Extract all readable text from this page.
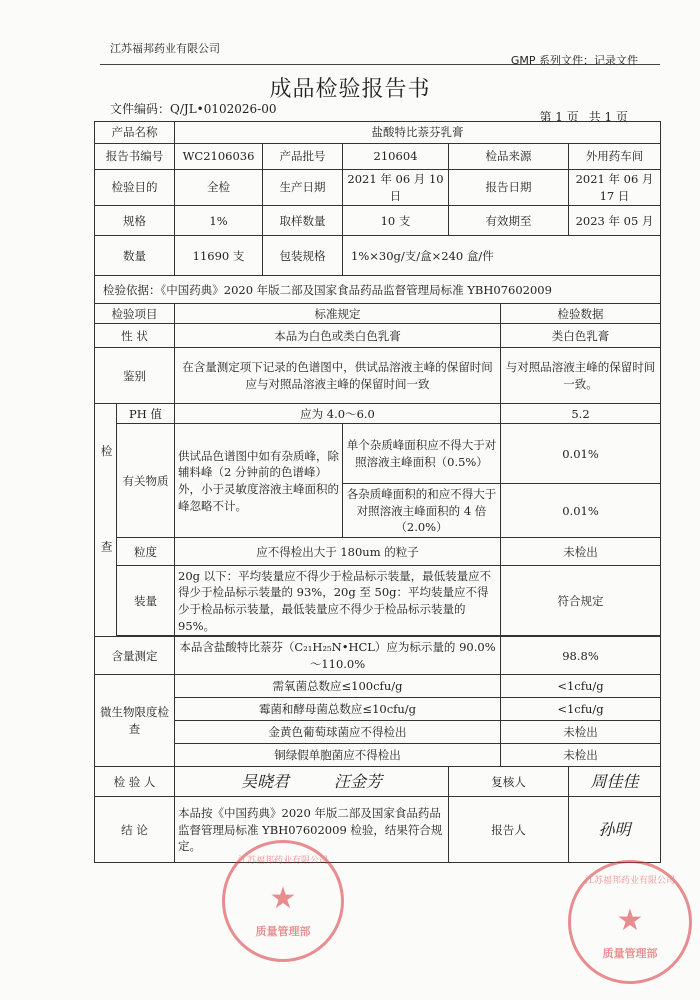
江苏福邦药业有限公司
GMP 系列文件：记录文件
成品检验报告书
文件编码：Q/JL•0102026-00
第 1 页 共 1 页
产品名称		盐酸特比萘芬乳膏					
报告书编号		WC2106036	产品批号	210604	检品来源		外用药车间
检验目的		全检	生产日期	2021 年 06 月 10 日	报告日期		2021 年 06 月 17 日
规格		1%	取样数量	10 支	有效期至		2023 年 05 月
数量		11690 支	包装规格	1%×30g/支/盒×240 盒/件			
检验依据：《中国药典》2020 年版二部及国家食品药品监督管理局标准 YBH07602009							
检验项目		标准规定				检验数据	
性 状		本品为白色或类白色乳膏				类白色乳膏	
鉴别		在含量测定项下记录的色谱图中，供试品溶液主峰的保留时间应与对照品溶液主峰的保留时间一致				与对照品溶液主峰的保留时间一致。	
检 查	PH 值	应为 4.0～6.0				5.2	
	有关物质	供试品色谱图中如有杂质峰，除辅料峰（2 分钟前的色谱峰）外，小于灵敏度溶液主峰面积的峰忽略不计。		单个杂质峰面积应不得大于对照溶液主峰面积（0.5%）		0.01%	
				各杂质峰面积的和应不得大于对照溶液主峰面积的 4 倍（2.0%）		0.01%	
	粒度	应不得检出大于 180um 的粒子				未检出	
	装量	20g 以下：平均装量应不得少于检品标示装量，最低装量应不得少于检品标示装量的 93%，20g 至 50g：平均装量应不得少于检品标示装量，最低装量应不得少于检品标示装量的 95%。				符合规定	

含量测定		本品含盐酸特比萘芬（C₂₁H₂₅N•HCL）应为标示量的 90.0%～110.0%				98.8%	
微生物限度检查		需氧菌总数应≤100cfu/g				<1cfu/g	
		霉菌和酵母菌总数应≤10cfu/g				<1cfu/g	
		金黄色葡萄球菌应不得检出				未检出	
		铜绿假单胞菌应不得检出				未检出	
检 验 人		吴晓君 汪金芳			复核人		周佳佳
结 论		本品按《中国药典》2020 年版二部及国家食品药品监督管理局标准 YBH07602009 检验，结果符合规定。			报告人		孙明
江苏福邦药业有限公司
★
质量管理部
江苏福邦药业有限公司
★
质量管理部
